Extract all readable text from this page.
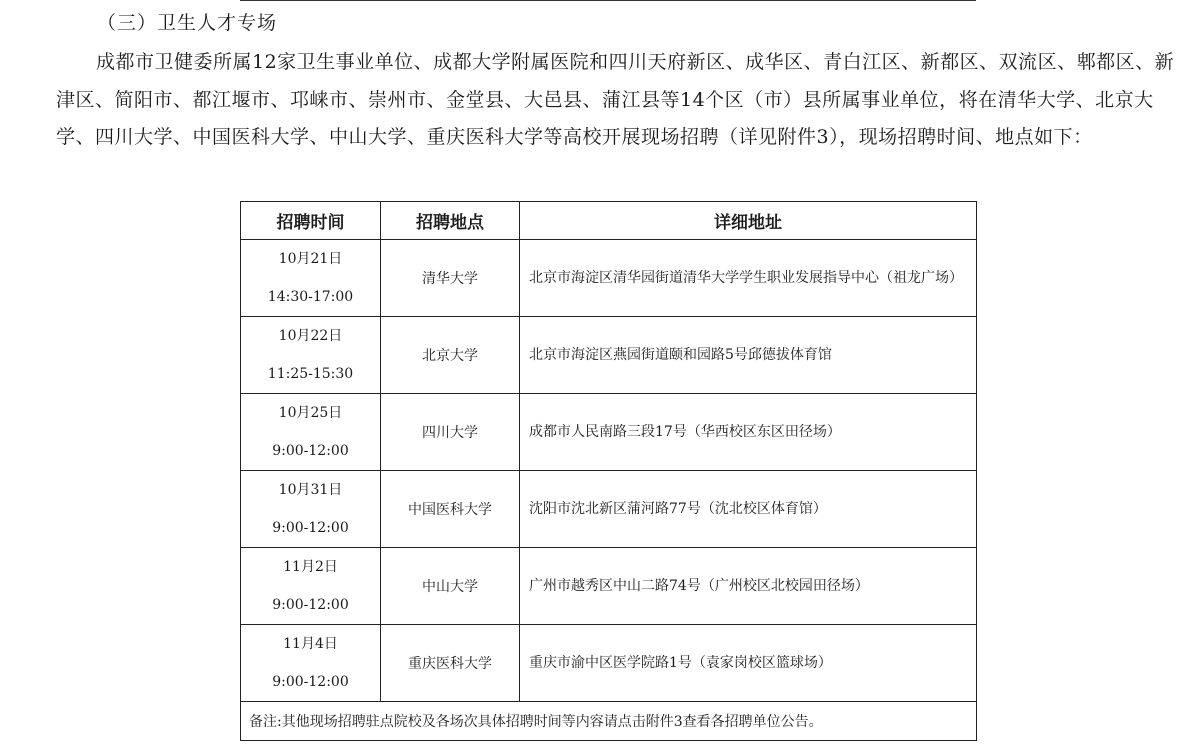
（三）卫生人才专场
成都市卫健委所属12家卫生事业单位、成都大学附属医院和四川天府新区、成华区、青白江区、新都区、双流区、郫都区、新津区、简阳市、都江堰市、邛崃市、崇州市、金堂县、大邑县、蒲江县等14个区（市）县所属事业单位，将在清华大学、北京大学、四川大学、中国医科大学、中山大学、重庆医科大学等高校开展现场招聘（详见附件3），现场招聘时间、地点如下：
招聘时间	招聘地点	详细地址

10月21日
14:30-17:00	清华大学	北京市海淀区清华园街道清华大学学生职业发展指导中心（祖龙广场）

10月22日
11:25-15:30	北京大学	北京市海淀区燕园街道颐和园路5号邱德拔体育馆

10月25日
9:00-12:00	四川大学	成都市人民南路三段17号（华西校区东区田径场）

10月31日
9:00-12:00	中国医科大学	沈阳市沈北新区蒲河路77号（沈北校区体育馆）

11月2日
9:00-12:00	中山大学	广州市越秀区中山二路74号（广州校区北校园田径场）

11月4日
9:00-12:00	重庆医科大学	重庆市渝中区医学院路1号（袁家岗校区篮球场）
备注:其他现场招聘驻点院校及各场次具体招聘时间等内容请点击附件3查看各招聘单位公告。		
